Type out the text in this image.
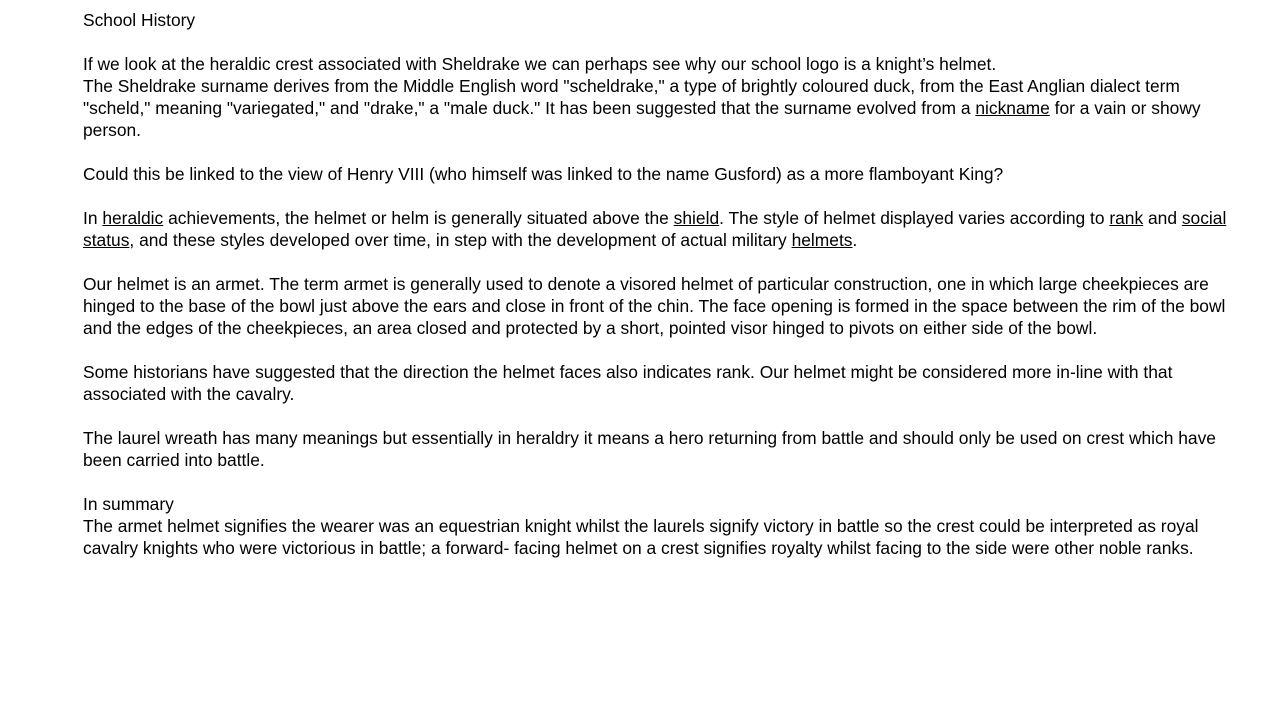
School History

If we look at the heraldic crest associated with Sheldrake we can perhaps see why our school logo is a knight’s helmet.

The Sheldrake surname derives from the Middle English word "scheldrake," a type of brightly coloured duck, from the East Anglian dialect term "scheld," meaning "variegated," and "drake," a "male duck." It has been suggested that the surname evolved from a nickname for a vain or showy person.

Could this be linked to the view of Henry VIII (who himself was linked to the name Gusford) as a more flamboyant King?

In heraldic achievements, the helmet or helm is generally situated above the shield. The style of helmet displayed varies according to rank and social status, and these styles developed over time, in step with the development of actual military helmets.

Our helmet is an armet. The term armet is generally used to denote a visored helmet of particular construction, one in which large cheekpieces are hinged to the base of the bowl just above the ears and close in front of the chin. The face opening is formed in the space between the rim of the bowl and the edges of the cheekpieces, an area closed and protected by a short, pointed visor hinged to pivots on either side of the bowl.

Some historians have suggested that the direction the helmet faces also indicates rank. Our helmet might be considered more in-line with that associated with the cavalry.

The laurel wreath has many meanings but essentially in heraldry it means a hero returning from battle and should only be used on crest which have been carried into battle.

In summary

The armet helmet signifies the wearer was an equestrian knight whilst the laurels signify victory in battle so the crest could be interpreted as royal cavalry knights who were victorious in battle; a forward- facing helmet on a crest signifies royalty whilst facing to the side were other noble ranks.
